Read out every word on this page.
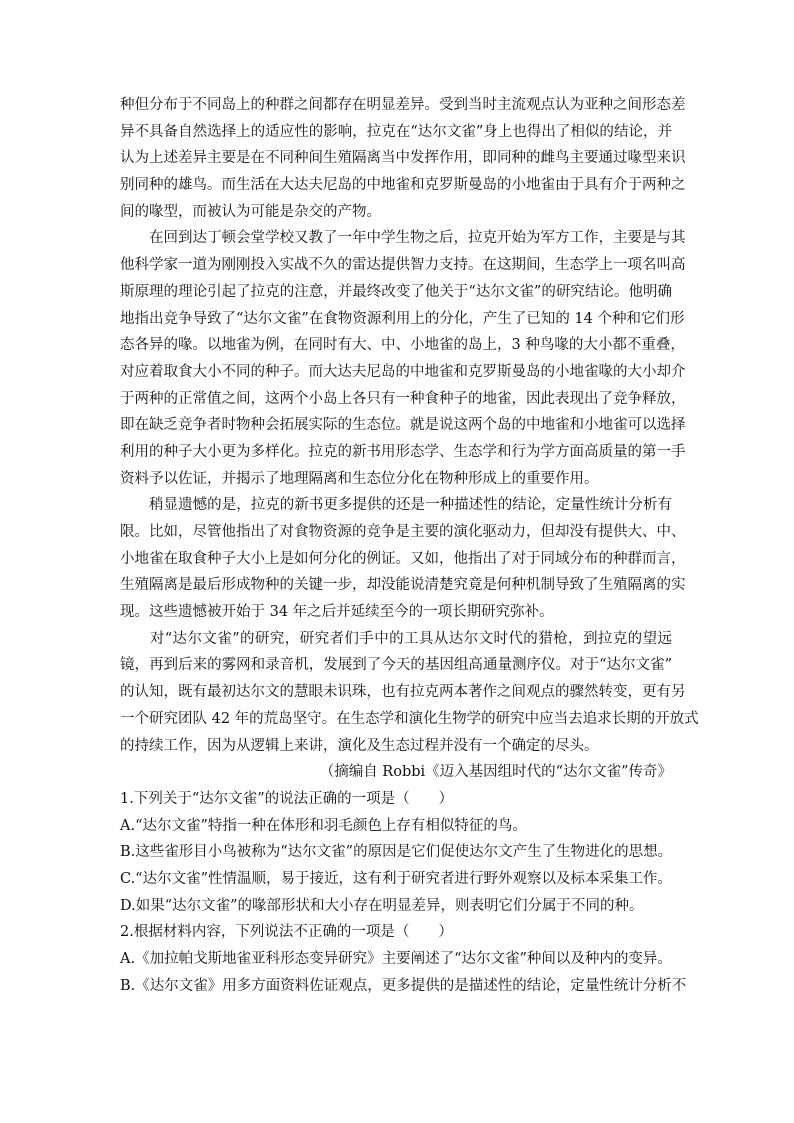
种但分布于不同岛上的种群之间都存在明显差异。受到当时主流观点认为亚种之间形态差
异不具备自然选择上的适应性的影响，拉克在“达尔文雀”身上也得出了相似的结论，并
认为上述差异主要是在不同种间生殖隔离当中发挥作用，即同种的雌鸟主要通过喙型来识
别同种的雄鸟。而生活在大达夫尼岛的中地雀和克罗斯曼岛的小地雀由于具有介于两种之
间的喙型，而被认为可能是杂交的产物。
　　在回到达丁顿会堂学校又教了一年中学生物之后，拉克开始为军方工作，主要是与其
他科学家一道为刚刚投入实战不久的雷达提供智力支持。在这期间，生态学上一项名叫高
斯原理的理论引起了拉克的注意，并最终改变了他关于“达尔文雀”的研究结论。他明确
地指出竞争导致了“达尔文雀”在食物资源利用上的分化，产生了已知的 14 个种和它们形
态各异的喙。以地雀为例，在同时有大、中、小地雀的岛上，3 种鸟喙的大小都不重叠，
对应着取食大小不同的种子。而大达夫尼岛的中地雀和克罗斯曼岛的小地雀喙的大小却介
于两种的正常值之间，这两个小岛上各只有一种食种子的地雀，因此表现出了竞争释放，
即在缺乏竞争者时物种会拓展实际的生态位。就是说这两个岛的中地雀和小地雀可以选择
利用的种子大小更为多样化。拉克的新书用形态学、生态学和行为学方面高质量的第一手
资料予以佐证，并揭示了地理隔离和生态位分化在物种形成上的重要作用。
　　稍显遗憾的是，拉克的新书更多提供的还是一种描述性的结论，定量性统计分析有
限。比如，尽管他指出了对食物资源的竞争是主要的演化驱动力，但却没有提供大、中、
小地雀在取食种子大小上是如何分化的例证。又如，他指出了对于同域分布的种群而言，
生殖隔离是最后形成物种的关键一步，却没能说清楚究竟是何种机制导致了生殖隔离的实
现。这些遗憾被开始于 34 年之后并延续至今的一项长期研究弥补。
　　对“达尔文雀”的研究，研究者们手中的工具从达尔文时代的猎枪，到拉克的望远
镜，再到后来的雾网和录音机，发展到了今天的基因组高通量测序仪。对于“达尔文雀”
的认知，既有最初达尔文的慧眼未识珠，也有拉克两本著作之间观点的骤然转变，更有另
一个研究团队 42 年的荒岛坚守。在生态学和演化生物学的研究中应当去追求长期的开放式
的持续工作，因为从逻辑上来讲，演化及生态过程并没有一个确定的尽头。
（摘编自 Robbi《迈入基因组时代的“达尔文雀”传奇》
1.下列关于“达尔文雀”的说法正确的一项是（　　）
A.“达尔文雀”特指一种在体形和羽毛颜色上存有相似特征的鸟。
B.这些雀形目小鸟被称为“达尔文雀”的原因是它们促使达尔文产生了生物进化的思想。
C.“达尔文雀”性情温顺，易于接近，这有利于研究者进行野外观察以及标本采集工作。
D.如果“达尔文雀”的喙部形状和大小存在明显差异，则表明它们分属于不同的种。
2.根据材料内容，下列说法不正确的一项是（　　）
A.《加拉帕戈斯地雀亚科形态变异研究》主要阐述了“达尔文雀”种间以及种内的变异。
B.《达尔文雀》用多方面资料佐证观点，更多提供的是描述性的结论，定量性统计分析不
